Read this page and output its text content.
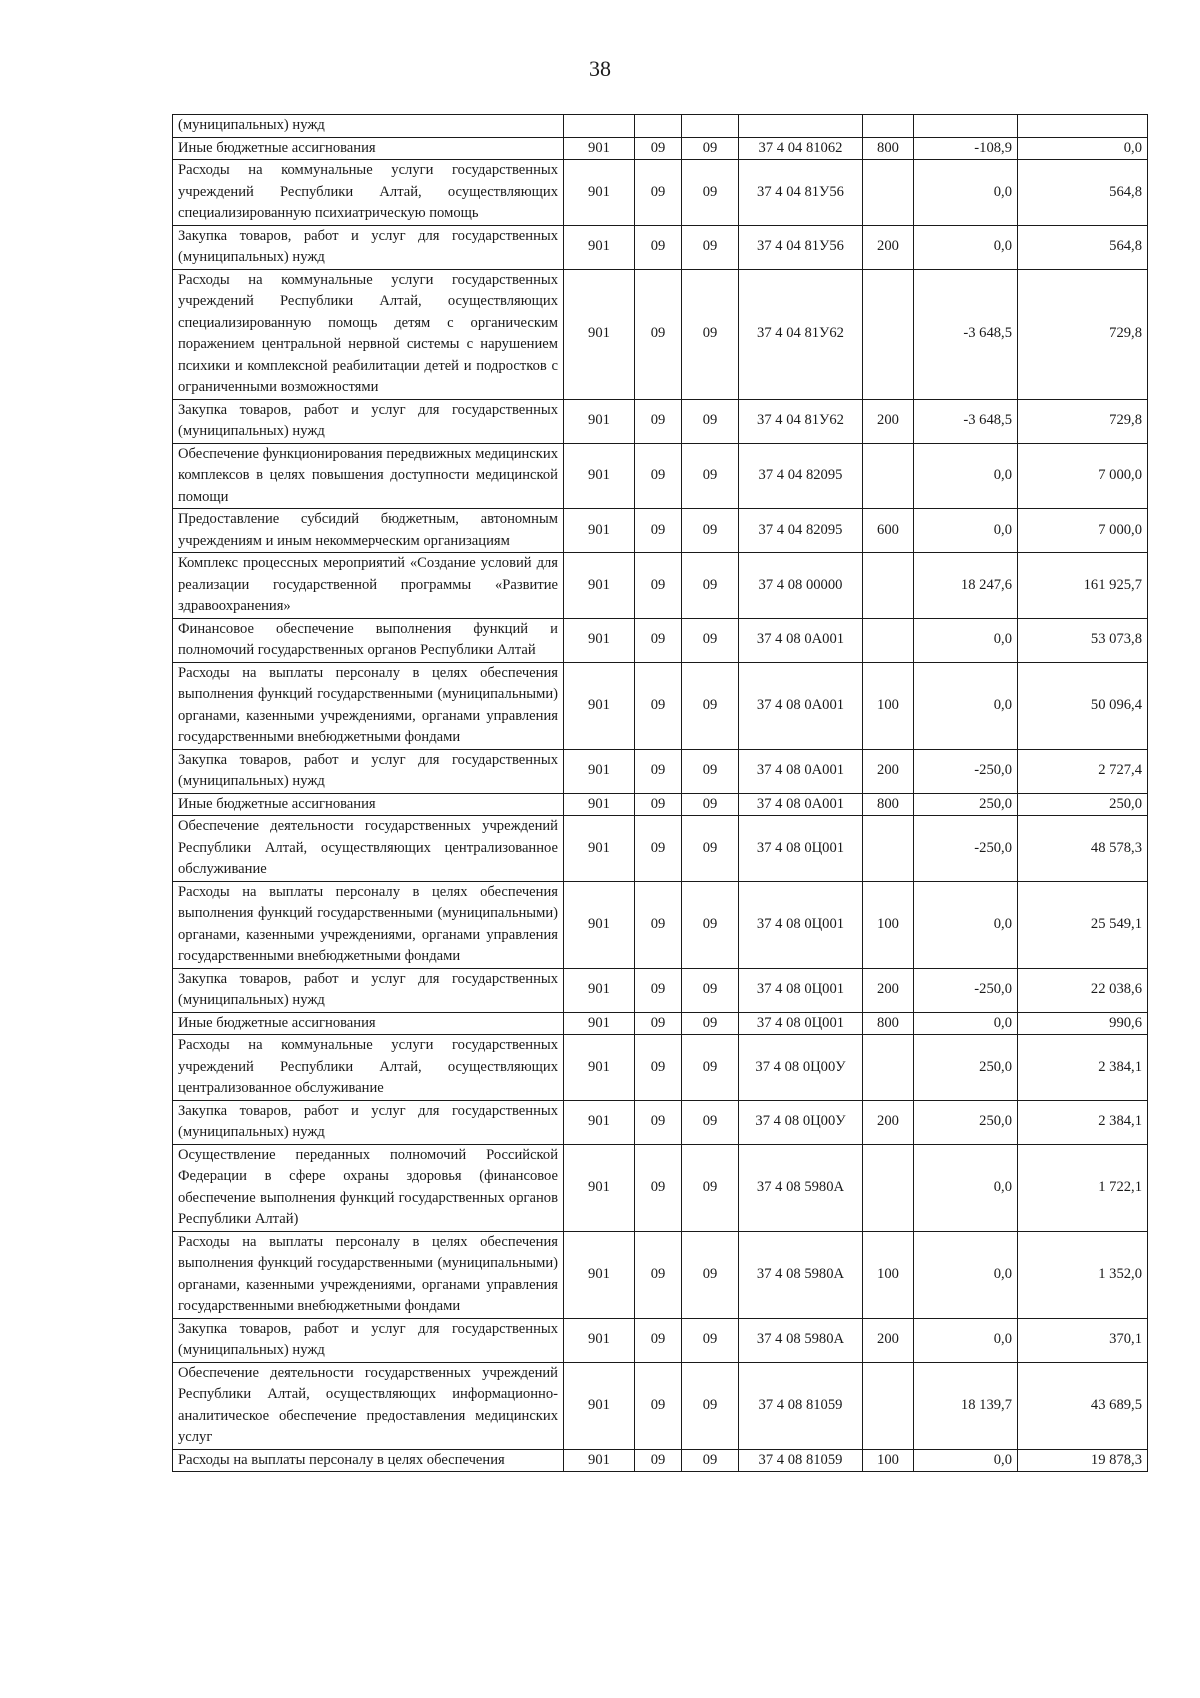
38
(муниципальных) нужд							
Иные бюджетные ассигнования	901	09	09	37 4 04 81062	800	-108,9	0,0
Расходы на коммунальные услуги государственных учреждений Республики Алтай, осуществляющих специализированную психиатрическую помощь	901	09	09	37 4 04 81У56		0,0	564,8
Закупка товаров, работ и услуг для государственных (муниципальных) нужд	901	09	09	37 4 04 81У56	200	0,0	564,8
Расходы на коммунальные услуги государственных учреждений Республики Алтай, осуществляющих специализированную помощь детям с органическим поражением центральной нервной системы с нарушением психики и комплексной реабилитации детей и подростков с ограниченными возможностями	901	09	09	37 4 04 81У62		-3 648,5	729,8
Закупка товаров, работ и услуг для государственных (муниципальных) нужд	901	09	09	37 4 04 81У62	200	-3 648,5	729,8
Обеспечение функционирования передвижных медицинских комплексов в целях повышения доступности медицинской помощи	901	09	09	37 4 04 82095		0,0	7 000,0
Предоставление субсидий бюджетным, автономным учреждениям и иным некоммерческим организациям	901	09	09	37 4 04 82095	600	0,0	7 000,0
Комплекс процессных мероприятий «Создание условий для реализации государственной программы «Развитие здравоохранения»	901	09	09	37 4 08 00000		18 247,6	161 925,7
Финансовое обеспечение выполнения функций и полномочий государственных органов Республики Алтай	901	09	09	37 4 08 0А001		0,0	53 073,8
Расходы на выплаты персоналу в целях обеспечения выполнения функций государственными (муниципальными) органами, казенными учреждениями, органами управления государственными внебюджетными фондами	901	09	09	37 4 08 0А001	100	0,0	50 096,4
Закупка товаров, работ и услуг для государственных (муниципальных) нужд	901	09	09	37 4 08 0А001	200	-250,0	2 727,4
Иные бюджетные ассигнования	901	09	09	37 4 08 0А001	800	250,0	250,0
Обеспечение деятельности государственных учреждений Республики Алтай, осуществляющих централизованное обслуживание	901	09	09	37 4 08 0Ц001		-250,0	48 578,3
Расходы на выплаты персоналу в целях обеспечения выполнения функций государственными (муниципальными) органами, казенными учреждениями, органами управления государственными внебюджетными фондами	901	09	09	37 4 08 0Ц001	100	0,0	25 549,1
Закупка товаров, работ и услуг для государственных (муниципальных) нужд	901	09	09	37 4 08 0Ц001	200	-250,0	22 038,6
Иные бюджетные ассигнования	901	09	09	37 4 08 0Ц001	800	0,0	990,6
Расходы на коммунальные услуги государственных учреждений Республики Алтай, осуществляющих централизованное обслуживание	901	09	09	37 4 08 0Ц00У		250,0	2 384,1
Закупка товаров, работ и услуг для государственных (муниципальных) нужд	901	09	09	37 4 08 0Ц00У	200	250,0	2 384,1
Осуществление переданных полномочий Российской Федерации в сфере охраны здоровья (финансовое обеспечение выполнения функций государственных органов Республики Алтай)	901	09	09	37 4 08 5980А		0,0	1 722,1
Расходы на выплаты персоналу в целях обеспечения выполнения функций государственными (муниципальными) органами, казенными учреждениями, органами управления государственными внебюджетными фондами	901	09	09	37 4 08 5980А	100	0,0	1 352,0
Закупка товаров, работ и услуг для государственных (муниципальных) нужд	901	09	09	37 4 08 5980А	200	0,0	370,1
Обеспечение деятельности государственных учреждений Республики Алтай, осуществляющих информационно-аналитическое обеспечение предоставления медицинских услуг	901	09	09	37 4 08 81059		18 139,7	43 689,5
Расходы на выплаты персоналу в целях обеспечения	901	09	09	37 4 08 81059	100	0,0	19 878,3
